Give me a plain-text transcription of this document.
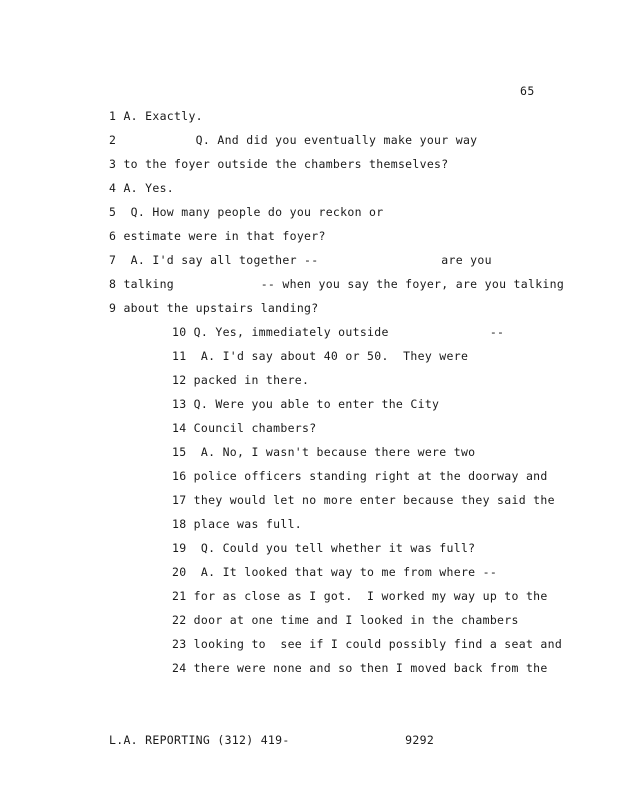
65
1 A. Exactly.
2           Q. And did you eventually make your way
3 to the foyer outside the chambers themselves?
4 A. Yes.
5  Q. How many people do you reckon or
6 estimate were in that foyer?
7  A. I'd say all together --                 are you
8 talking            -- when you say the foyer, are you talking
9 about the upstairs landing?
10 Q. Yes, immediately outside              --
11  A. I'd say about 40 or 50.  They were
12 packed in there.
13 Q. Were you able to enter the City
14 Council chambers?
15  A. No, I wasn't because there were two
16 police officers standing right at the doorway and
17 they would let no more enter because they said the
18 place was full.
19  Q. Could you tell whether it was full?
20  A. It looked that way to me from where --
21 for as close as I got.  I worked my way up to the
22 door at one time and I looked in the chambers
23 looking to  see if I could possibly find a seat and
24 there were none and so then I moved back from the
L.A. REPORTING (312) 419-                9292
